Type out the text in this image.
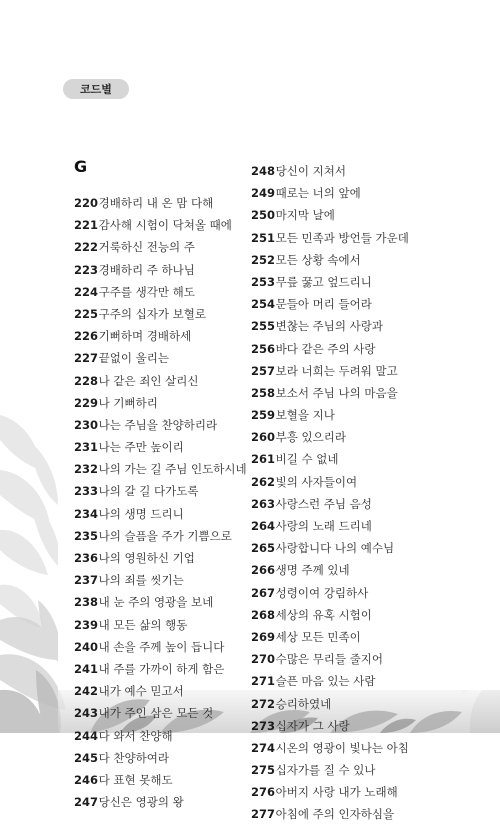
코드별
G
220 경배하리 내 온 맘 다해
221 감사해 시험이 닥쳐올 때에
222 거룩하신 전능의 주
223 경배하리 주 하나님
224 구주를 생각만 해도
225 구주의 십자가 보혈로
226 기뻐하며 경배하세
227 끝없이 울리는
228 나 같은 죄인 살리신
229 나 기뻐하리
230 나는 주님을 찬양하리라
231 나는 주만 높이리
232 나의 가는 길 주님 인도하시네
233 나의 갈 길 다가도록
234 나의 생명 드리니
235 나의 슬픔을 주가 기쁨으로
236 나의 영원하신 기업
237 나의 죄를 씻기는
238 내 눈 주의 영광을 보네
239 내 모든 삶의 행동
240 내 손을 주께 높이 듭니다
241 내 주를 가까이 하게 함은
242 내가 예수 믿고서
243 내가 주인 삼은 모든 것
244 다 와서 찬양해
245 다 찬양하여라
246 다 표현 못해도
247 당신은 영광의 왕
248 당신이 지쳐서
249 때로는 너의 앞에
250 마지막 날에
251 모든 민족과 방언들 가운데
252 모든 상황 속에서
253 무릎 꿇고 엎드리니
254 문들아 머리 들어라
255 변찮는 주님의 사랑과
256 바다 같은 주의 사랑
257 보라 너희는 두려워 말고
258 보소서 주님 나의 마음을
259 보혈을 지나
260 부흥 있으리라
261 비길 수 없네
262 빛의 사자들이여
263 사랑스런 주님 음성
264 사랑의 노래 드리네
265 사랑합니다 나의 예수님
266 생명 주께 있네
267 성령이여 강림하사
268 세상의 유혹 시험이
269 세상 모든 민족이
270 수많은 무리들 줄지어
271 슬픈 마음 있는 사람
272 승리하였네
273 십자가 그 사랑
274 시온의 영광이 빛나는 아침
275 십자가를 질 수 있나
276 아버지 사랑 내가 노래해
277 아침에 주의 인자하심을
